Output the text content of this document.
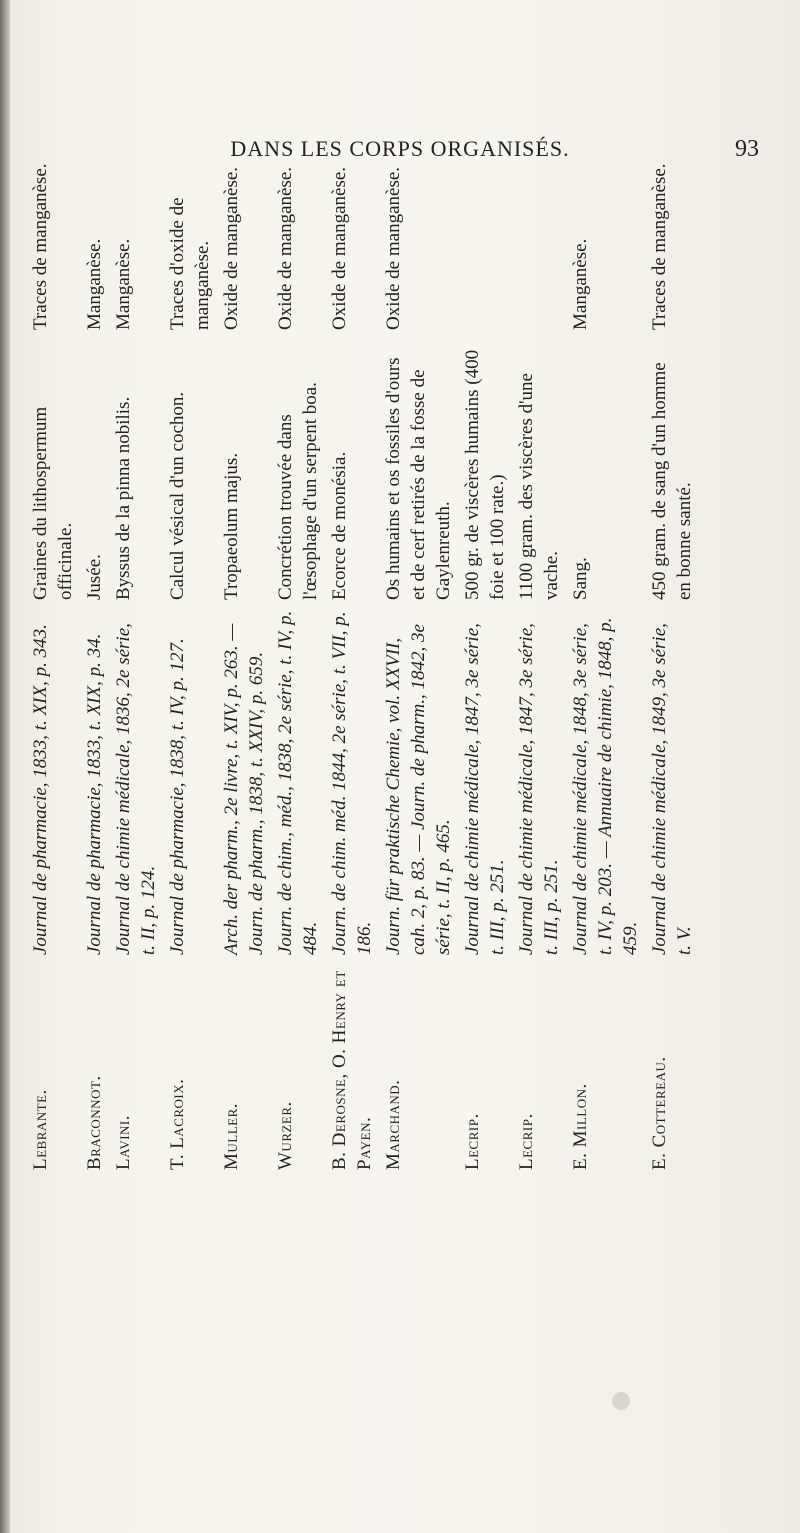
DANS LES CORPS ORGANISÉS.	93
Lebrante.
Journal de pharmacie, 1833, t. XIX, p. 343.
Graines du lithospermum officinale.
Traces de manganèse.
Braconnot.
Journal de pharmacie, 1833, t. XIX, p. 34.
Jusée.
Manganèse.
Lavini.
Journal de chimie médicale, 1836, 2e série, t. II, p. 124.
Byssus de la pinna nobilis.
Manganèse.
T. Lacroix.
Journal de pharmacie, 1838, t. IV, p. 127.
Calcul vésical d'un cochon.
Traces d'oxide de manganèse.
Muller.
Arch. der pharm., 2e livre, t. XIV, p. 263. — Journ. de pharm., 1838, t. XXIV, p. 659.
Tropaeolum majus.
Oxide de manganèse.
Wurzer.
Journ. de chim., méd., 1838, 2e série, t. IV, p. 484.
Concrétion trouvée dans l'œsophage d'un serpent boa.
Oxide de manganèse.
B. Derosne, O. Henry et Payen.
Journ. de chim. méd. 1844, 2e série, t. VII, p. 186.
Ecorce de monésia.
Oxide de manganèse.
Marchand.
Journ. für praktische Chemie, vol. XXVII, cah. 2, p. 83. — Journ. de pharm., 1842, 3e série, t. II, p. 465.
Os humains et os fossiles d'ours et de cerf retirés de la fosse de Gaylenreuth.
Oxide de manganèse.
Lecrip.
Journal de chimie médicale, 1847, 3e série, t. III, p. 251.
500 gr. de viscères humains (400 foie et 100 rate.)
Lecrip.
Journal de chimie médicale, 1847, 3e série, t. III, p. 251.
1100 gram. des viscères d'une vache.
E. Millon.
Journal de chimie médicale, 1848, 3e série, t. IV, p. 203. — Annuaire de chimie, 1848, p. 459.
Sang.
Manganèse.
E. Cottereau.
Journal de chimie médicale, 1849, 3e série, t. V.
450 gram. de sang d'un homme en bonne santé.
Traces de manganèse.
